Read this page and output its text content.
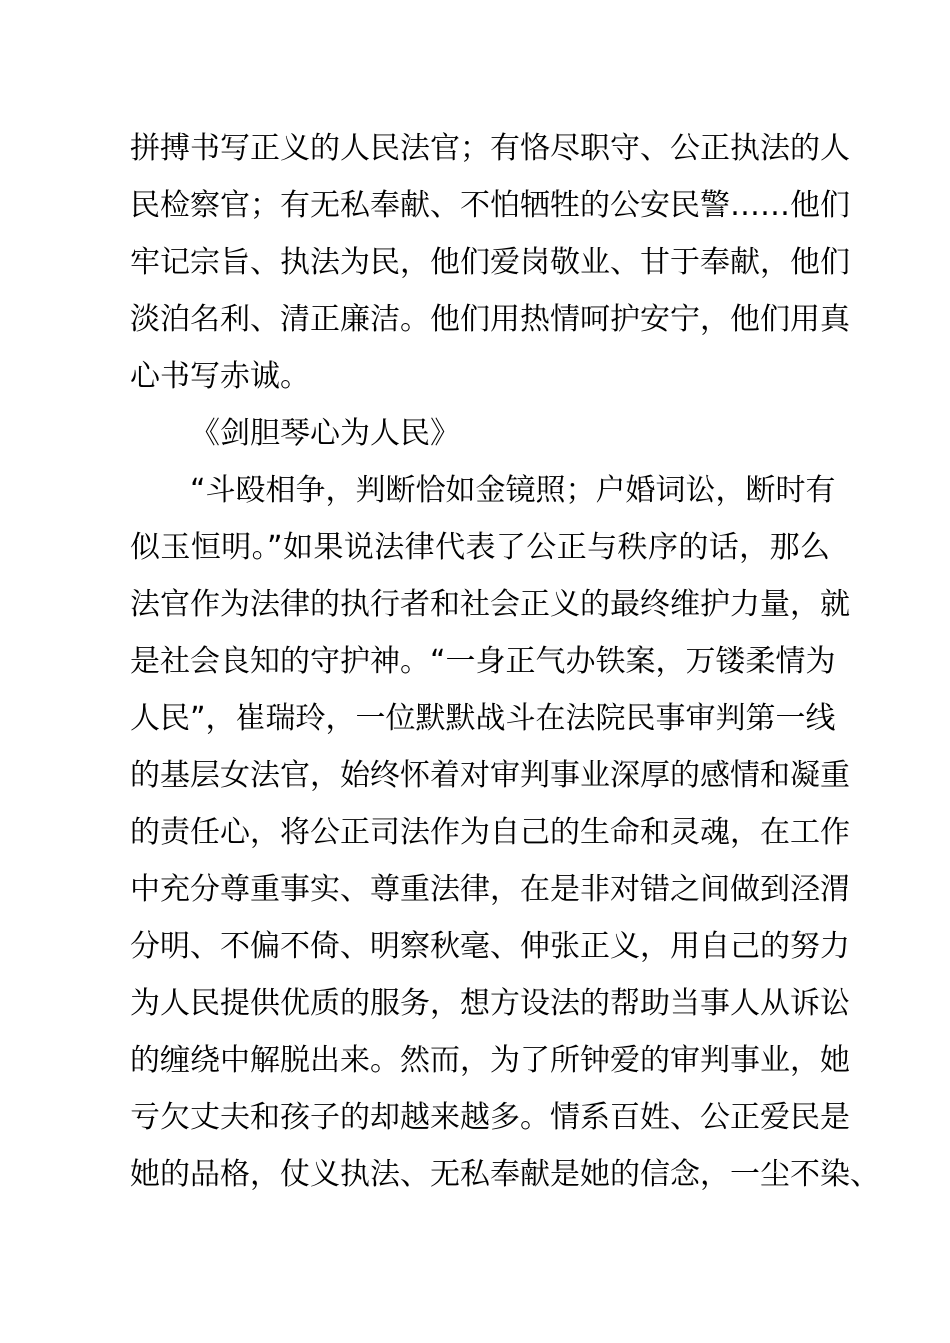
拼搏书写正义的人民法官；有恪尽职守、公正执法的人
民检察官；有无私奉献、不怕牺牲的公安民警……他们
牢记宗旨、执法为民，他们爱岗敬业、甘于奉献，他们
淡泊名利、清正廉洁。他们用热情呵护安宁，他们用真
心书写赤诚。
《剑胆琴心为人民》
“斗殴相争，判断恰如金镜照；户婚词讼，断时有
似玉恒明。”如果说法律代表了公正与秩序的话，那么
法官作为法律的执行者和社会正义的最终维护力量，就
是社会良知的守护神。“一身正气办铁案，万镂柔情为
人民”，崔瑞玲，一位默默战斗在法院民事审判第一线
的基层女法官，始终怀着对审判事业深厚的感情和凝重
的责任心，将公正司法作为自己的生命和灵魂，在工作
中充分尊重事实、尊重法律，在是非对错之间做到泾渭
分明、不偏不倚、明察秋毫、伸张正义，用自己的努力
为人民提供优质的服务，想方设法的帮助当事人从诉讼
的缠绕中解脱出来。然而，为了所钟爱的审判事业，她
亏欠丈夫和孩子的却越来越多。情系百姓、公正爱民是
她的品格，仗义执法、无私奉献是她的信念，一尘不染、
